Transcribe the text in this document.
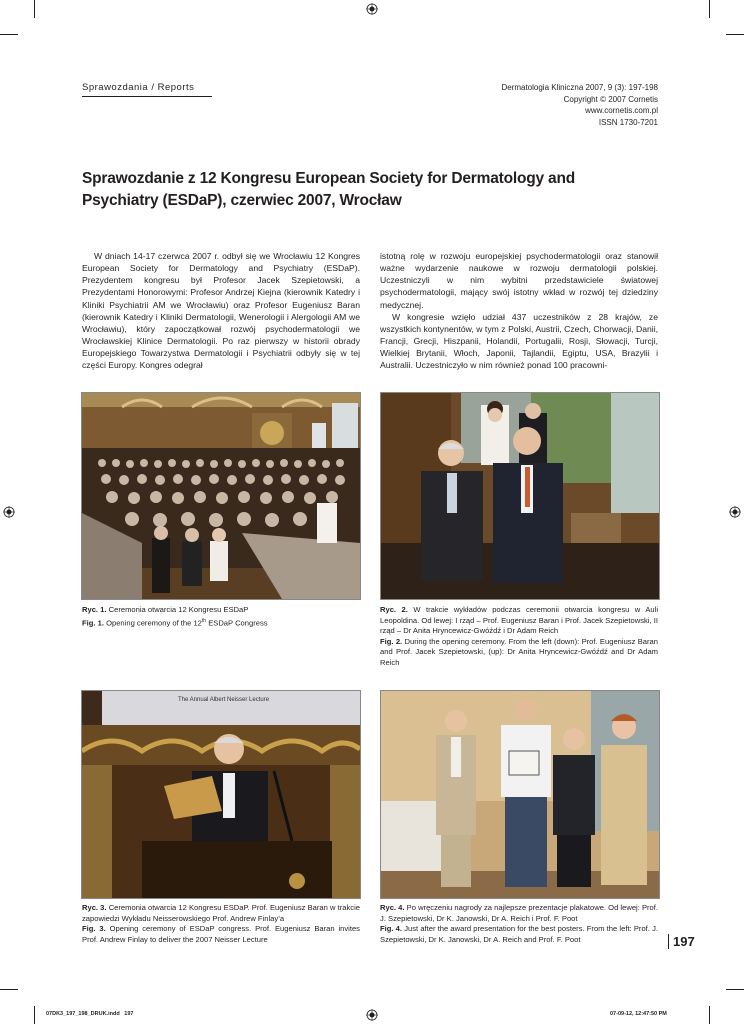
Sprawozdania / Reports	Dermatologia Kliniczna 2007, 9 (3): 197-198
Copyright © 2007 Cornetis
www.cornetis.com.pl
ISSN 1730-7201
Sprawozdanie z 12 Kongresu European Society for Dermatology and Psychiatry (ESDaP), czerwiec 2007, Wrocław

W dniach 14-17 czerwca 2007 r. odbył się we Wrocławiu 12 Kongres European Society for Dermatology and Psychiatry (ESDaP). Prezydentem kongresu był Profesor Jacek Szepietowski, a Prezydentami Honorowymi: Profesor Andrzej Kiejna (kierownik Katedry i Kliniki Psychiatrii AM we Wrocławiu) oraz Profesor Eugeniusz Baran (kierownik Katedry i Kliniki Dermatologii, Wenerologii i Alergologii AM we Wrocławiu), który zapoczątkował rozwój psychodermatologii we Wrocławskiej Klinice Dermatologii. Po raz pierwszy w historii obrady Europejskiego Towarzystwa Dermatologii i Psychiatrii odbyły się w tej części Europy. Kongres odegrał

istotną rolę w rozwoju europejskiej psychodermatologii oraz stanowił ważne wydarzenie naukowe w rozwoju dermatologii polskiej. Uczestniczyli w nim wybitni przedstawiciele światowej psychodermatologii, mający swój istotny wkład w rozwój tej dziedziny medycznej.

W kongresie wzięło udział 437 uczestników z 28 krajów, ze wszystkich kontynentów, w tym z Polski, Austrii, Czech, Chorwacji, Danii, Francji, Grecji, Hiszpanii, Holandii, Portugalii, Rosji, Słowacji, Turcji, Wielkiej Brytanii, Włoch, Japonii, Tajlandii, Egiptu, USA, Brazylii i Australii. Uczestniczyło w nim również ponad 100 pracowni-

Ryc. 1. Ceremonia otwarcia 12 Kongresu ESDaP
Fig. 1. Opening ceremony of the 12th ESDaP Congress
Ryc. 2. W trakcie wykładów podczas ceremonii otwarcia kongresu w Auli Leopoldina. Od lewej: I rząd – Prof. Eugeniusz Baran i Prof. Jacek Szepietowski, II rząd – Dr Anita Hryncewicz-Gwóźdź i Dr Adam Reich
Fig. 2. During the opening ceremony. From the left (down): Prof. Eugeniusz Baran and Prof. Jacek Szepietowski, (up): Dr Anita Hryncewicz-Gwóźdź and Dr Adam Reich
The Annual Albert Neisser Lecture
Ryc. 3. Ceremonia otwarcia 12 Kongresu ESDaP. Prof. Eugeniusz Baran w trakcie zapowiedzi Wykładu Neisserowskiego Prof. Andrew Finlay’a
Fig. 3. Opening ceremony of ESDaP congress. Prof. Eugeniusz Baran invites Prof. Andrew Finlay to deliver the 2007 Neisser Lecture
Ryc. 4. Po wręczeniu nagrody za najlepsze prezentacje plakatowe. Od lewej: Prof. J. Szepietowski, Dr K. Janowski, Dr A. Reich i Prof. F. Poot
Fig. 4. Just after the award presentation for the best posters. From the left: Prof. J. Szepietowski, Dr K. Janowski, Dr A. Reich and Prof. F. Poot	197
07DK3_197_198_DRUK.indd   197	07-09-12, 12:47:50 PM
